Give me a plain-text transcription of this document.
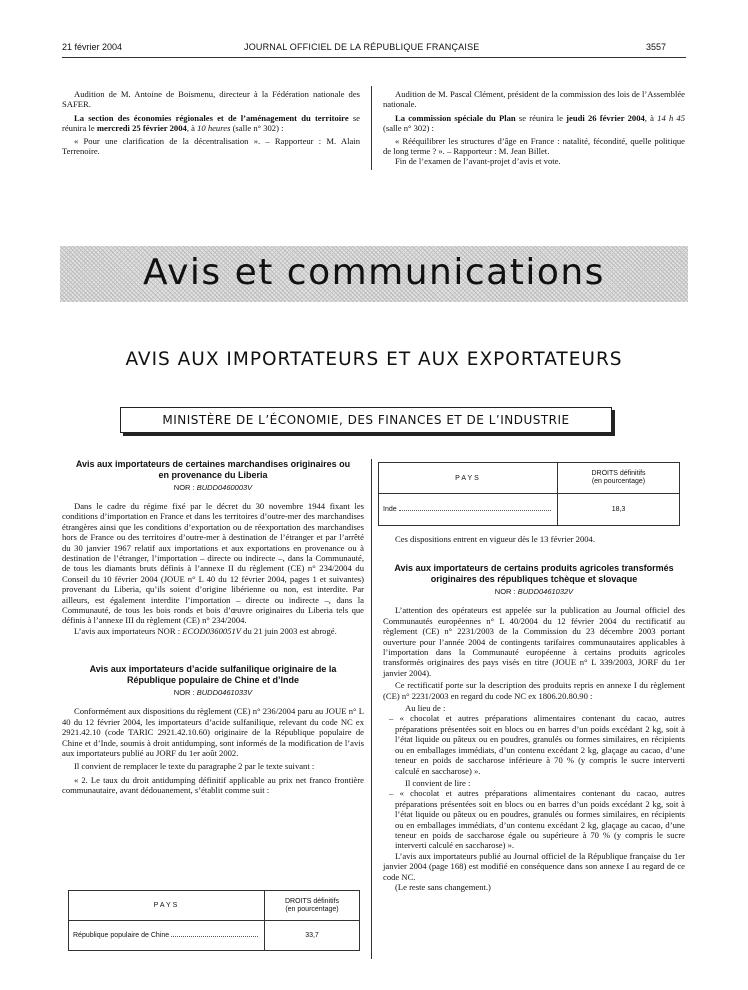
21 février 2004	JOURNAL OFFICIEL DE LA RÉPUBLIQUE FRANÇAISE	3557

Audition de M. Antoine de Boismenu, directeur à la Fédération nationale des SAFER.

La section des économies régionales et de l’aménagement du territoire se réunira le mercredi 25 février 2004, à 10 heures (salle n° 302) :

« Pour une clarification de la décentralisation ». – Rapporteur : M. Alain Terrenoire.

Audition de M. Pascal Clément, président de la commission des lois de l’Assemblée nationale.

La commission spéciale du Plan se réunira le jeudi 26 février 2004, à 14 h 45 (salle n° 302) :

« Rééquilibrer les structures d’âge en France : natalité, fécondité, quelle politique de long terme ? ». – Rapporteur : M. Jean Billet.

Fin de l’examen de l’avant-projet d’avis et vote.

Avis et communications
AVIS AUX IMPORTATEURS ET AUX EXPORTATEURS
MINISTÈRE DE L’ÉCONOMIE, DES FINANCES ET DE L’INDUSTRIE
Avis aux importateurs de certaines marchandises originaires ou en provenance du Liberia
NOR : BUDD0460003V

Dans le cadre du régime fixé par le décret du 30 novembre 1944 fixant les conditions d’importation en France et dans les territoires d’outre-mer des marchandises étrangères ainsi que les conditions d’exportation ou de réexportation des marchandises hors de France ou des territoires d’outre-mer à destination de l’étranger et par l’arrêté du 30 janvier 1967 relatif aux importations et aux exportations en provenance ou à destination de l’étranger, l’importation – directe ou indirecte –, dans la Communauté, de tous les diamants bruts définis à l’annexe II du règlement (CE) n° 234/2004 du Conseil du 10 février 2004 (JOUE n° L 40 du 12 février 2004, pages 1 et suivantes) provenant du Liberia, qu’ils soient d’origine libérienne ou non, est interdite. Par ailleurs, est également interdite l’importation – directe ou indirecte –, dans la Communauté, de tous les bois ronds et bois d’œuvre originaires du Liberia tels que définis à l’annexe III du règlement (CE) n° 234/2004.

L’avis aux importateurs NOR : ECOD0360051V du 21 juin 2003 est abrogé.

Avis aux importateurs d’acide sulfanilique originaire de la République populaire de Chine et d’Inde
NOR : BUDD0461033V

Conformément aux dispositions du règlement (CE) n° 236/2004 paru au JOUE n° L 40 du 12 février 2004, les importateurs d’acide sulfanilique, relevant du code NC ex 2921.42.10 (code TARIC 2921.42.10.60) originaire de la République populaire de Chine et d’Inde, soumis à droit antidumping, sont informés de la modification de l’avis aux importateurs publié au JORF du 1er août 2002.

Il convient de remplacer le texte du paragraphe 2 par le texte suivant :

« 2. Le taux du droit antidumping définitif applicable au prix net franco frontière communautaire, avant dédouanement, s’établit comme suit :

PAYS	DROITS définitifs
(en pourcentage)

République populaire de Chine	33,7
PAYS	DROITS définitifs
(en pourcentage)

Inde	18,3

Ces dispositions entrent en vigueur dès le 13 février 2004.

Avis aux importateurs de certains produits agricoles transformés originaires des républiques tchèque et slovaque
NOR : BUDD0461032V

L’attention des opérateurs est appelée sur la publication au Journal officiel des Communautés européennes n° L 40/2004 du 12 février 2004 du rectificatif au règlement (CE) n° 2231/2003 de la Commission du 23 décembre 2003 portant ouverture pour l’année 2004 de contingents tarifaires communautaires applicables à l’importation dans la Communauté européenne à certains produits agricoles transformés originaires des pays visés en titre (JOUE n° L 339/2003, JORF du 1er janvier 2004).

Ce rectificatif porte sur la description des produits repris en annexe I du règlement (CE) n° 2231/2003 en regard du code NC ex 1806.20.80.90 :

Au lieu de :

– « chocolat et autres préparations alimentaires contenant du cacao, autres préparations présentées soit en blocs ou en barres d’un poids excédant 2 kg, soit à l’état liquide ou pâteux ou en poudres, granulés ou formes similaires, en récipients ou en emballages immédiats, d’un contenu excédant 2 kg, glaçage au cacao, d’une teneur en poids de saccharose inférieure à 70 % (y compris le sucre interverti calculé en saccharose) ».

Il convient de lire :

– « chocolat et autres préparations alimentaires contenant du cacao, autres préparations présentées soit en blocs ou en barres d’un poids excédant 2 kg, soit à l’état liquide ou pâteux ou en poudres, granulés ou formes similaires, en récipients ou en emballages immédiats, d’un contenu excédant 2 kg, glaçage au cacao, d’une teneur en poids de saccharose égale ou supérieure à 70 % (y compris le sucre interverti calculé en saccharose) ».

L’avis aux importateurs publié au Journal officiel de la République française du 1er janvier 2004 (page 168) est modifié en conséquence dans son annexe I au regard de ce code NC.

(Le reste sans changement.)
